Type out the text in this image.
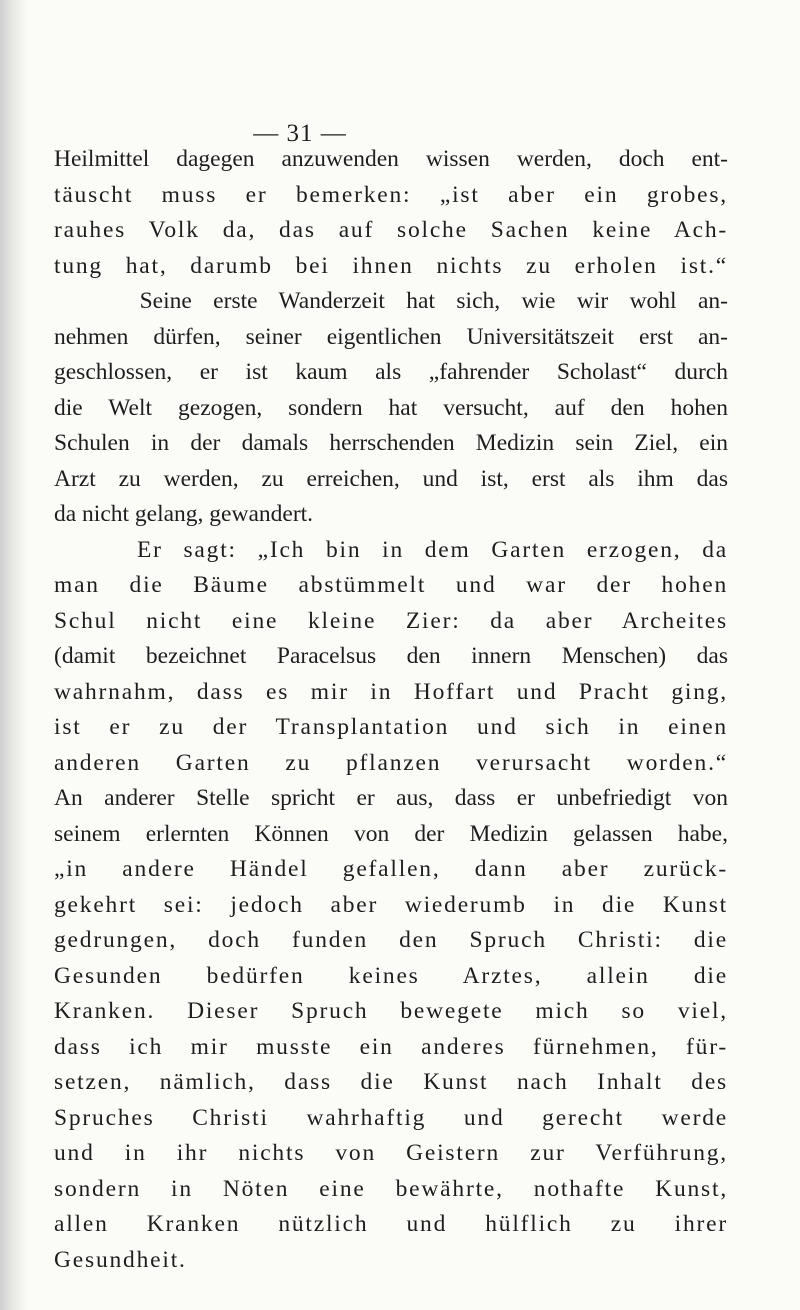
— 31 —
Heilmittel dagegen anzuwenden wissen werden, doch ent-
täuscht muss er bemerken: „ist aber ein grobes,
rauhes Volk da, das auf solche Sachen keine Ach-
tung hat, darumb bei ihnen nichts zu erholen ist.“
Seine erste Wanderzeit hat sich, wie wir wohl an-
nehmen dürfen, seiner eigentlichen Universitätszeit erst an-
geschlossen, er ist kaum als „fahrender Scholast“ durch
die Welt gezogen, sondern hat versucht, auf den hohen
Schulen in der damals herrschenden Medizin sein Ziel, ein
Arzt zu werden, zu erreichen, und ist, erst als ihm das
da nicht gelang, gewandert.
Er sagt: „Ich bin in dem Garten erzogen, da
man die Bäume abstümmelt und war der hohen
Schul nicht eine kleine Zier: da aber Archeites
(damit bezeichnet Paracelsus den innern Menschen) das
wahrnahm, dass es mir in Hoffart und Pracht ging,
ist er zu der Transplantation und sich in einen
anderen Garten zu pflanzen verursacht worden.“
An anderer Stelle spricht er aus, dass er unbefriedigt von
seinem erlernten Können von der Medizin gelassen habe,
„in andere Händel gefallen, dann aber zurück-
gekehrt sei: jedoch aber wiederumb in die Kunst
gedrungen, doch funden den Spruch Christi: die
Gesunden bedürfen keines Arztes, allein die
Kranken. Dieser Spruch bewegete mich so viel,
dass ich mir musste ein anderes fürnehmen, für-
setzen, nämlich, dass die Kunst nach Inhalt des
Spruches Christi wahrhaftig und gerecht werde
und in ihr nichts von Geistern zur Verführung,
sondern in Nöten eine bewährte, nothafte Kunst,
allen Kranken nützlich und hülflich zu ihrer
Gesundheit.
